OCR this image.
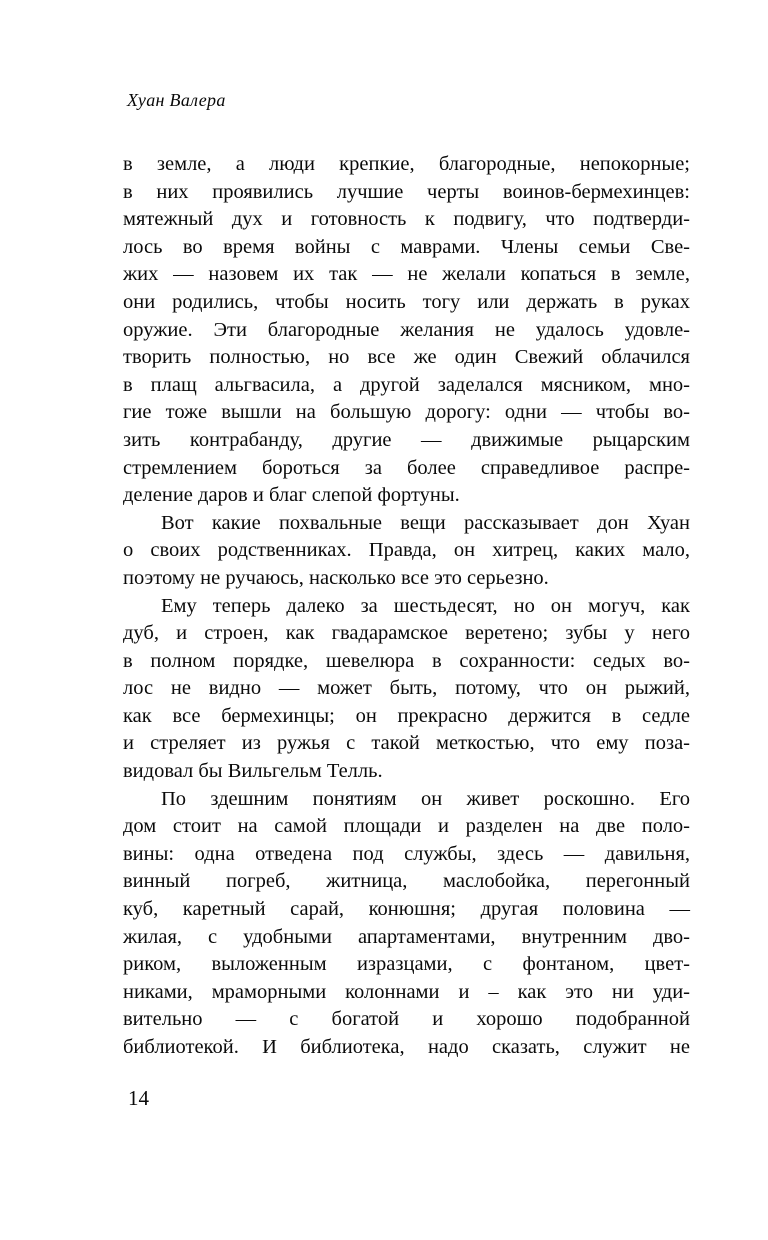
Хуан Валера
в земле, а люди крепкие, благородные, непокорные;
в них проявились лучшие черты воинов-бермехинцев:
мятежный дух и готовность к подвигу, что подтверди-
лось во время войны с маврами. Члены семьи Све-
жих — назовем их так — не желали копаться в земле,
они родились, чтобы носить тогу или держать в руках
оружие. Эти благородные желания не удалось удовле-
творить полностью, но все же один Свежий облачился
в плащ альгвасила, а другой заделался мясником, мно-
гие тоже вышли на большую дорогу: одни — чтобы во-
зить контрабанду, другие — движимые рыцарским
стремлением бороться за более справедливое распре-
деление даров и благ слепой фортуны.
Вот какие похвальные вещи рассказывает дон Хуан
о своих родственниках. Правда, он хитрец, каких мало,
поэтому не ручаюсь, насколько все это серьезно.
Ему теперь далеко за шестьдесят, но он могуч, как
дуб, и строен, как гвадарамское веретено; зубы у него
в полном порядке, шевелюра в сохранности: седых во-
лос не видно — может быть, потому, что он рыжий,
как все бермехинцы; он прекрасно держится в седле
и стреляет из ружья с такой меткостью, что ему поза-
видовал бы Вильгельм Телль.
По здешним понятиям он живет роскошно. Его
дом стоит на самой площади и разделен на две поло-
вины: одна отведена под службы, здесь — давильня,
винный погреб, житница, маслобойка, перегонный
куб, каретный сарай, конюшня; другая половина —
жилая, с удобными апартаментами, внутренним дво-
риком, выложенным изразцами, с фонтаном, цвет-
никами, мраморными колоннами и – как это ни уди-
вительно — с богатой и хорошо подобранной
библиотекой. И библиотека, надо сказать, служит не
14
